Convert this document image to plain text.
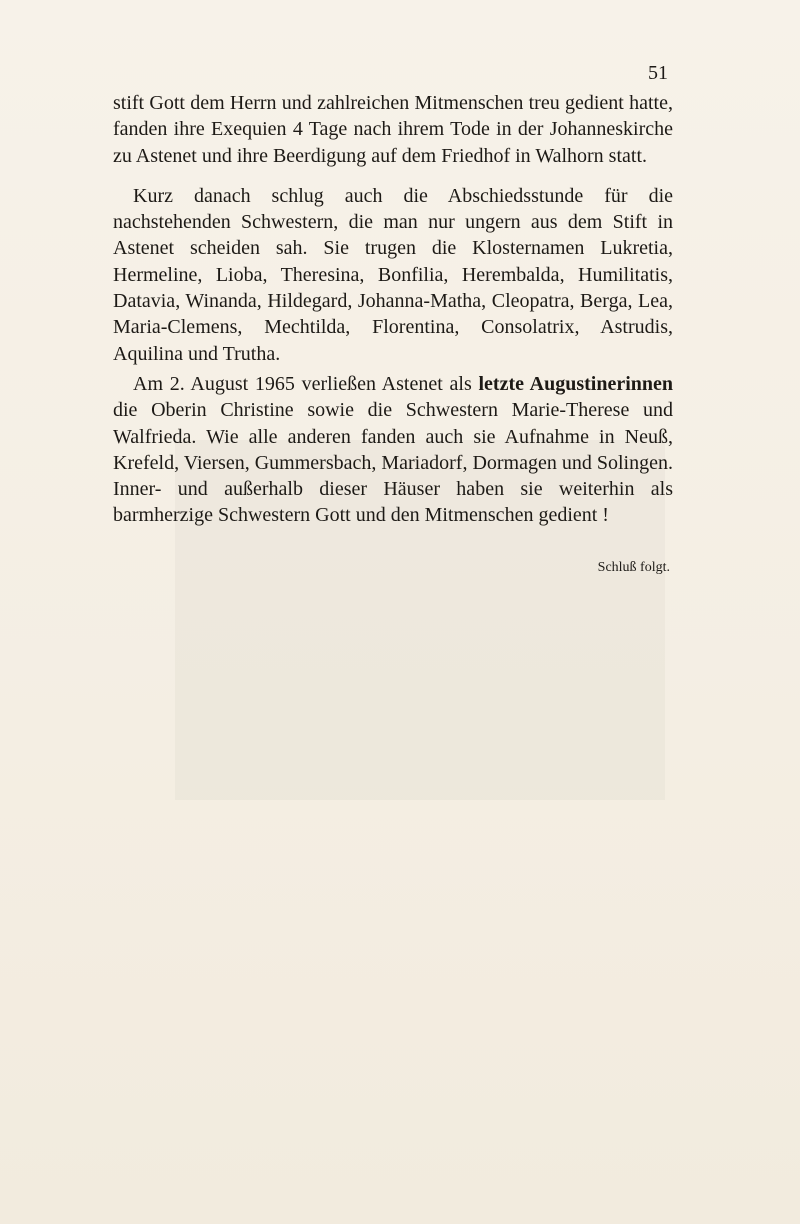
51

stift Gott dem Herrn und zahlreichen Mitmenschen treu gedient hatte, fanden ihre Exequien 4 Tage nach ihrem Tode in der Johanneskirche zu Astenet und ihre Beerdigung auf dem Friedhof in Walhorn statt.

Kurz danach schlug auch die Abschiedsstunde für die nachstehenden Schwestern, die man nur ungern aus dem Stift in Astenet scheiden sah. Sie trugen die Klosternamen Lukretia, Hermeline, Lioba, Theresina, Bonfilia, Herembalda, Humilitatis, Datavia, Winanda, Hildegard, Johanna-Matha, Cleopatra, Berga, Lea, Maria-Clemens, Mechtilda, Florentina, Consolatrix, Astrudis, Aquilina und Trutha.

Am 2. August 1965 verließen Astenet als letzte Augustinerinnen die Oberin Christine sowie die Schwestern Marie-Therese und Walfrieda. Wie alle anderen fanden auch sie Aufnahme in Neuß, Krefeld, Viersen, Gummersbach, Mariadorf, Dormagen und Solingen. Inner- und außerhalb dieser Häuser haben sie weiterhin als barmherzige Schwestern Gott und den Mitmenschen gedient !

Schluß folgt.
